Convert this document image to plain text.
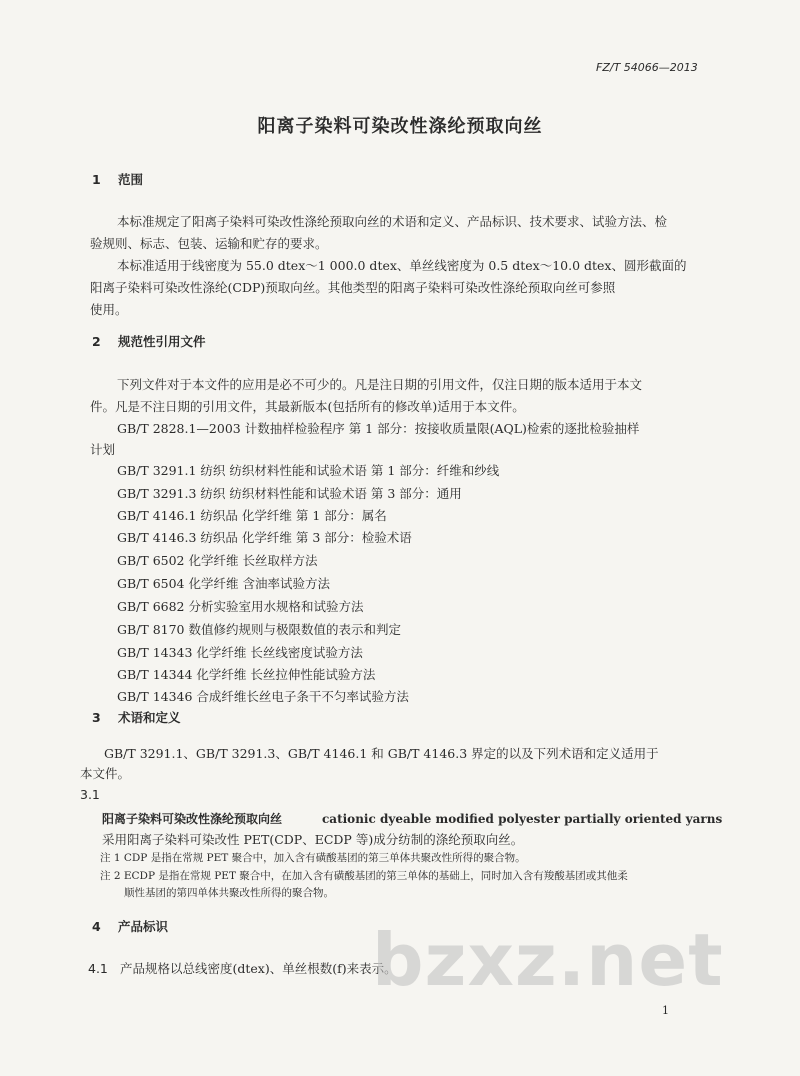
FZ/T 54066—2013
阳离子染料可染改性涤纶预取向丝
1 范围
本标准规定了阳离子染料可染改性涤纶预取向丝的术语和定义、产品标识、技术要求、试验方法、检
验规则、标志、包装、运输和贮存的要求。
本标准适用于线密度为 55.0 dtex～1 000.0 dtex、单丝线密度为 0.5 dtex～10.0 dtex、圆形截面的
阳离子染料可染改性涤纶(CDP)预取向丝。其他类型的阳离子染料可染改性涤纶预取向丝可参照
使用。
2 规范性引用文件
下列文件对于本文件的应用是必不可少的。凡是注日期的引用文件，仅注日期的版本适用于本文
件。凡是不注日期的引用文件，其最新版本(包括所有的修改单)适用于本文件。
GB/T 2828.1—2003 计数抽样检验程序 第 1 部分：按接收质量限(AQL)检索的逐批检验抽样
计划
GB/T 3291.1 纺织 纺织材料性能和试验术语 第 1 部分：纤维和纱线
GB/T 3291.3 纺织 纺织材料性能和试验术语 第 3 部分：通用
GB/T 4146.1 纺织品 化学纤维 第 1 部分：属名
GB/T 4146.3 纺织品 化学纤维 第 3 部分：检验术语
GB/T 6502 化学纤维 长丝取样方法
GB/T 6504 化学纤维 含油率试验方法
GB/T 6682 分析实验室用水规格和试验方法
GB/T 8170 数值修约规则与极限数值的表示和判定
GB/T 14343 化学纤维 长丝线密度试验方法
GB/T 14344 化学纤维 长丝拉伸性能试验方法
GB/T 14346 合成纤维长丝电子条干不匀率试验方法
3 术语和定义
GB/T 3291.1、GB/T 3291.3、GB/T 4146.1 和 GB/T 4146.3 界定的以及下列术语和定义适用于
本文件。
3.1
阳离子染料可染改性涤纶预取向丝	cationic dyeable modified polyester partially oriented yarns
采用阳离子染料可染改性 PET(CDP、ECDP 等)成分纺制的涤纶预取向丝。
注 1 CDP 是指在常规 PET 聚合中，加入含有磺酸基团的第三单体共聚改性所得的聚合物。
注 2 ECDP 是指在常规 PET 聚合中，在加入含有磺酸基团的第三单体的基础上，同时加入含有羧酸基团或其他柔
顺性基团的第四单体共聚改性所得的聚合物。
4 产品标识
4.1 产品规格以总线密度(dtex)、单丝根数(f)来表示。
bzxz.net
1
